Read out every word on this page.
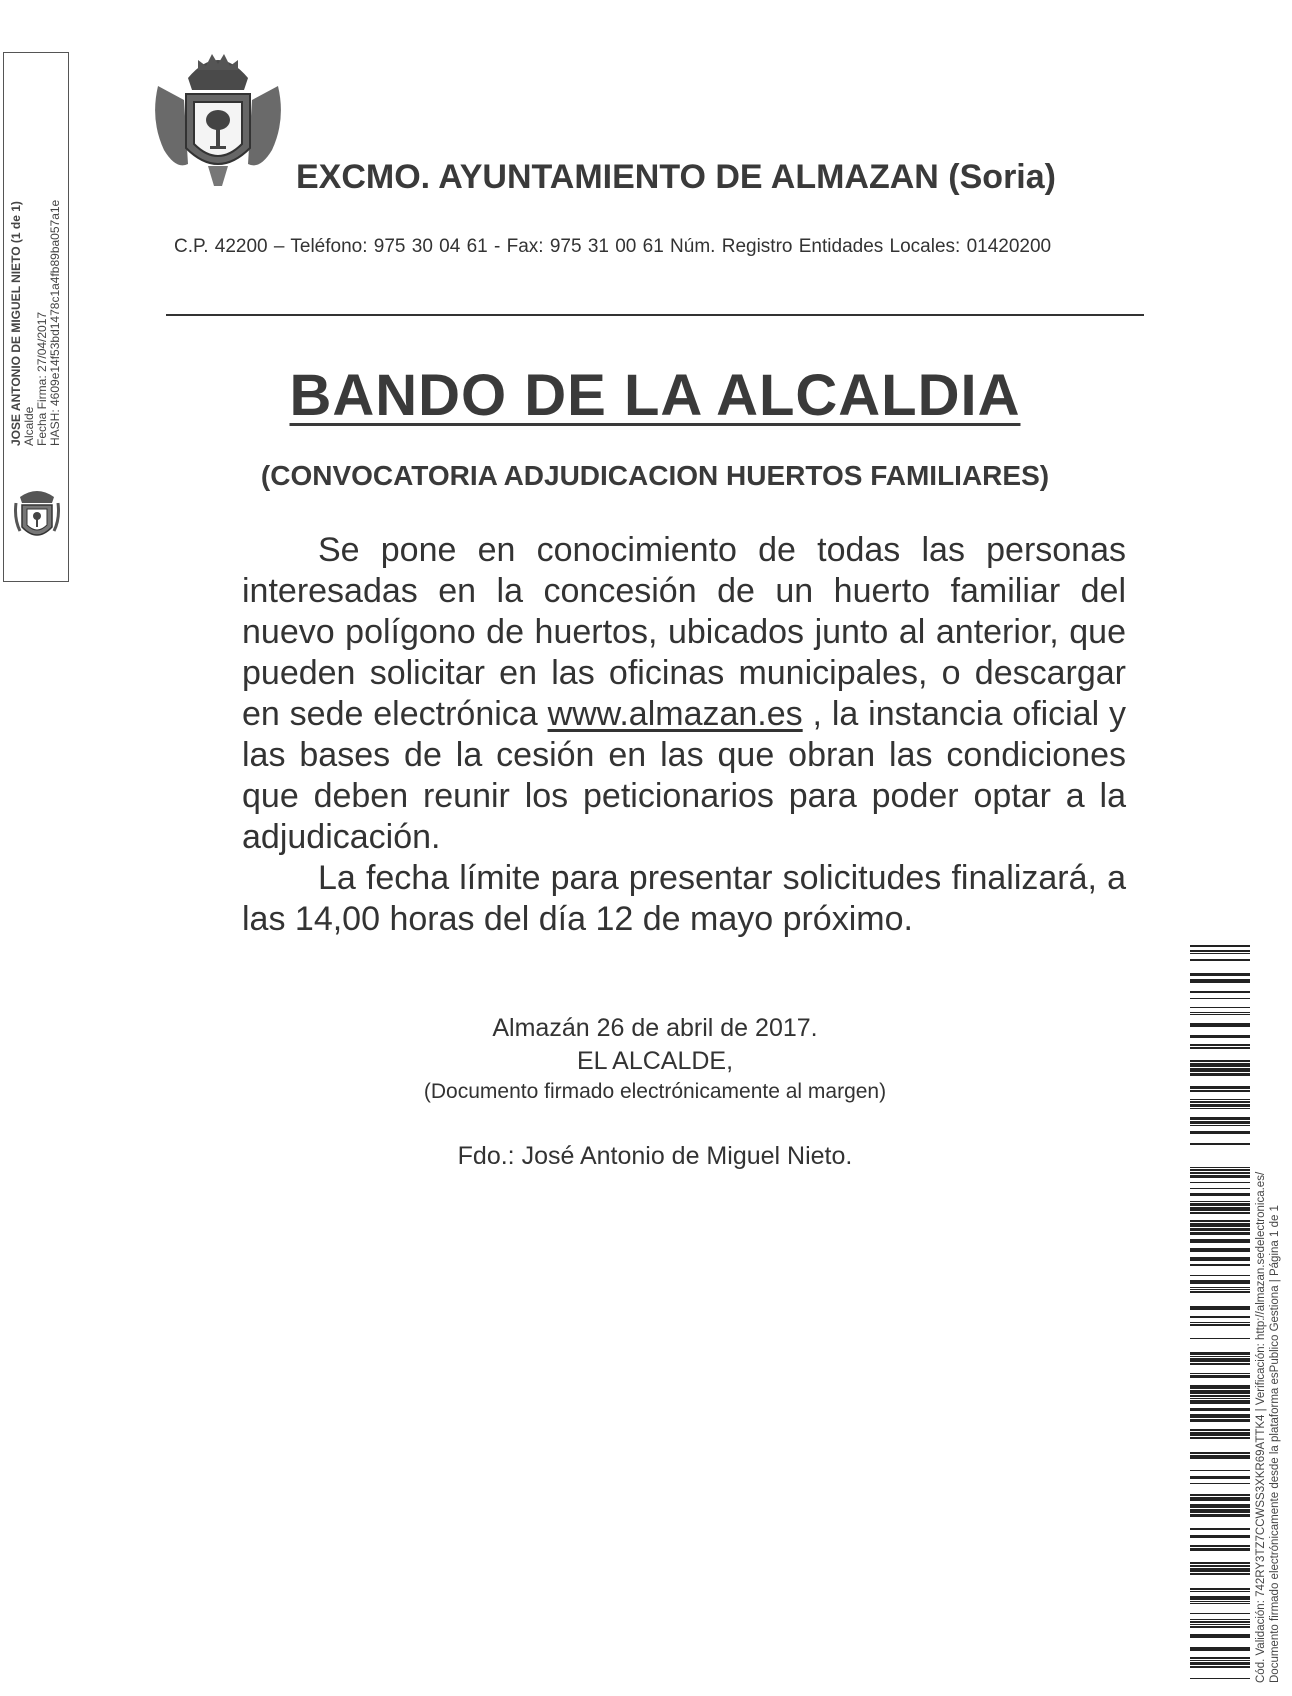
JOSE ANTONIO DE MIGUEL NIETO (1 de 1) Alcalde Fecha Firma: 27/04/2017 HASH: 4609e14f53bd1478c1a4fb89ba057a1e
EXCMO. AYUNTAMIENTO DE ALMAZAN (Soria)
C.P. 42200 – Teléfono: 975 30 04 61 - Fax: 975 31 00 61 Núm. Registro Entidades Locales: 01420200
BANDO DE LA ALCALDIA
(CONVOCATORIA ADJUDICACION HUERTOS FAMILIARES)

Se pone en conocimiento de todas las personas interesadas en la concesión de un huerto familiar del nuevo polígono de huertos, ubicados junto al anterior, que pueden solicitar en las oficinas municipales, o descargar en sede electrónica www.almazan.es , la instancia oficial y las bases de la cesión en las que obran las condiciones que deben reunir los peticionarios para poder optar a la adjudicación.

La fecha límite para presentar solicitudes finalizará, a las 14,00 horas del día 12 de mayo próximo.

Almazán 26 de abril de 2017.
EL ALCALDE,
(Documento firmado electrónicamente al margen)
Fdo.: José Antonio de Miguel Nieto.
Cód. Validación: 742RY3TZ7CCWSS3XKR69ATTK4 | Verificación: http://almazan.sedelectronica.es/ Documento firmado electrónicamente desde la plataforma esPublico Gestiona | Página 1 de 1
